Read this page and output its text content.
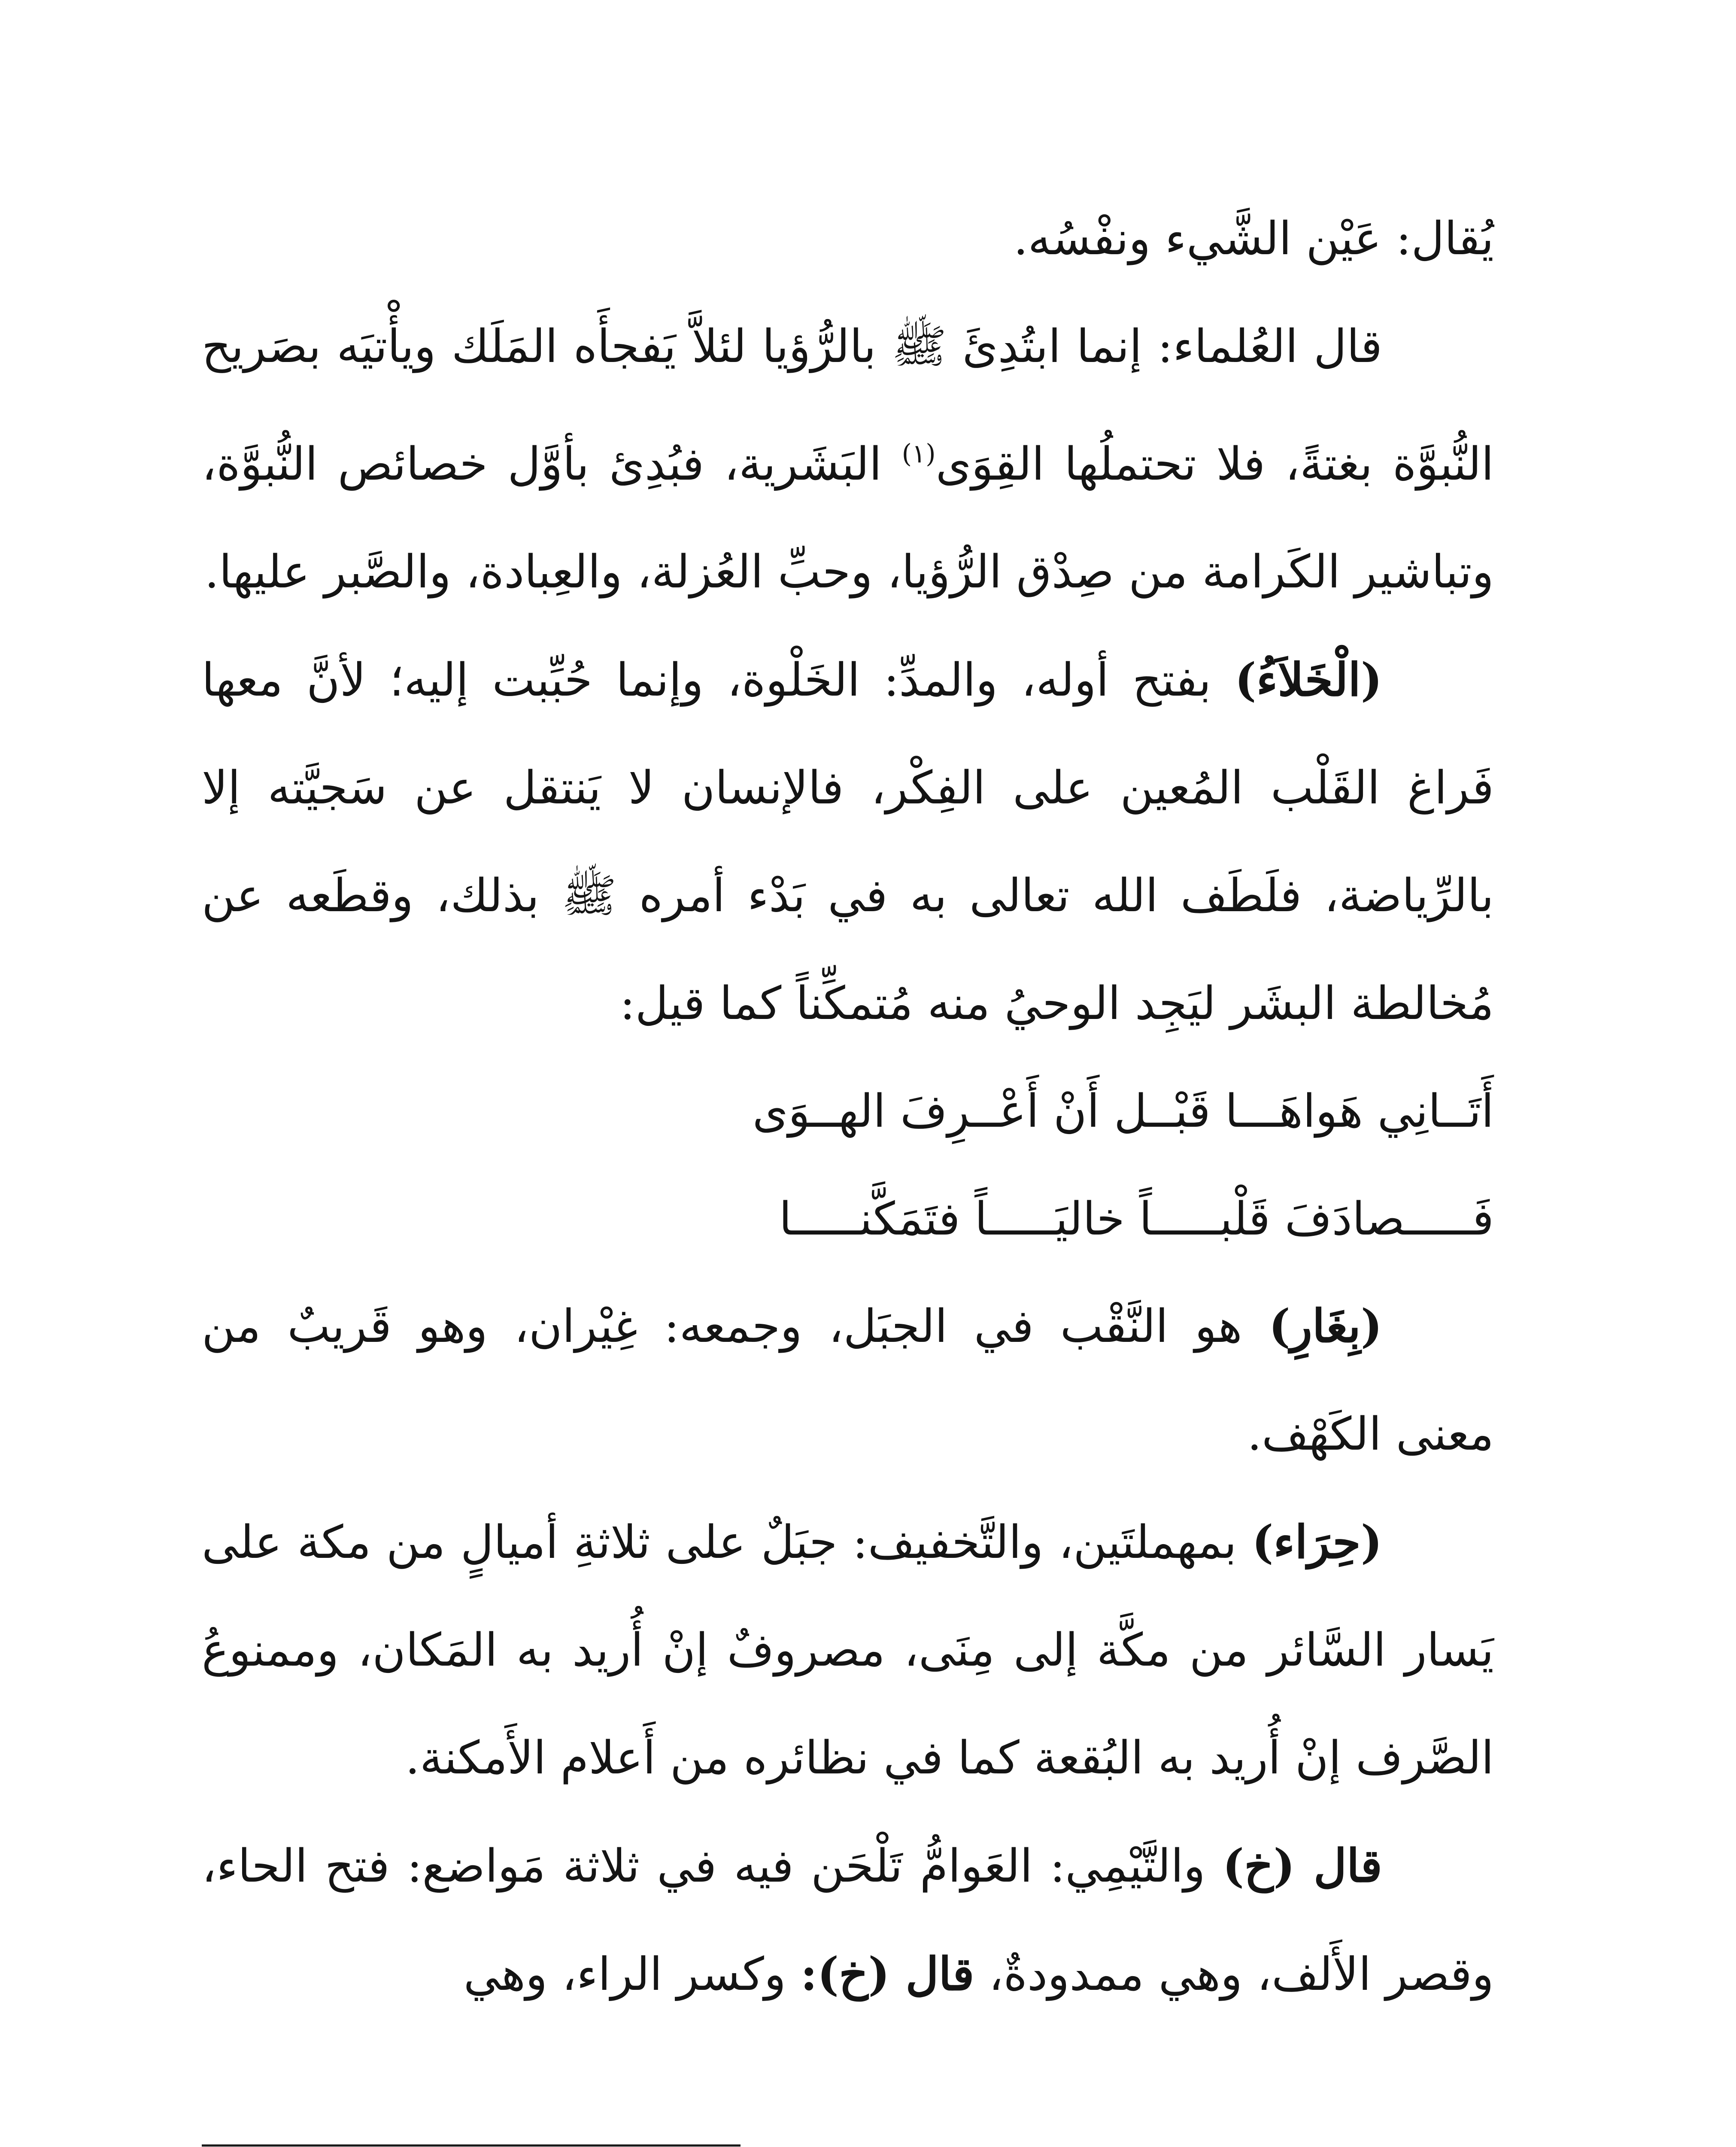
يُقال: عَيْن الشَّيء ونفْسُه.

قال العُلماء: إنما ابتُدِئَ ﷺ بالرُّؤيا لئلاَّ يَفجأَه المَلَك ويأْتيَه بصَريح النُّبوَّة بغتةً، فلا تحتملُها القِوَى$^{(١)}$ البَشَرية، فبُدِئ بأوَّل خصائص النُّبوَّة، وتباشير الكَرامة من صِدْق الرُّؤيا، وحبِّ العُزلة، والعِبادة، والصَّبر عليها.

(الْخَلاَءُ) بفتح أوله، والمدِّ: الخَلْوة، وإنما حُبِّبت إليه؛ لأنَّ معها فَراغ القَلْب المُعين على الفِكْر، فالإنسان لا يَنتقل عن سَجيَّته إلا بالرِّياضة، فلَطَف الله تعالى به في بَدْء أمره ﷺ بذلك، وقطَعه عن مُخالطة البشَر ليَجِد الوحيُ منه مُتمكِّناً كما قيل:

أَتَــانِي هَواهَـــا قَبْــل أَنْ أَعْــرِفَ الهــوَى
فَـــــصادَفَ قَلْبـــــاً خاليَـــــاً فتَمَكَّنـــــا

(بِغَارِ) هو النَّقْب في الجبَل، وجمعه: غِيْران، وهو قَريبٌ من معنى الكَهْف.

(حِرَاء) بمهملتَين، والتَّخفيف: جبَلٌ على ثلاثةِ أميالٍ من مكة على يَسار السَّائر من مكَّة إلى مِنَى، مصروفٌ إنْ أُريد به المَكان، وممنوعُ الصَّرف إنْ أُريد به البُقعة كما في نظائره من أَعلام الأَمكنة.

قال (خ) والتَّيْمِي: العَوامُّ تَلْحَن فيه في ثلاثة مَواضع: فتح الحاء، وقصر الأَلف، وهي ممدودةٌ، قال (خ): وكسر الراء، وهي
